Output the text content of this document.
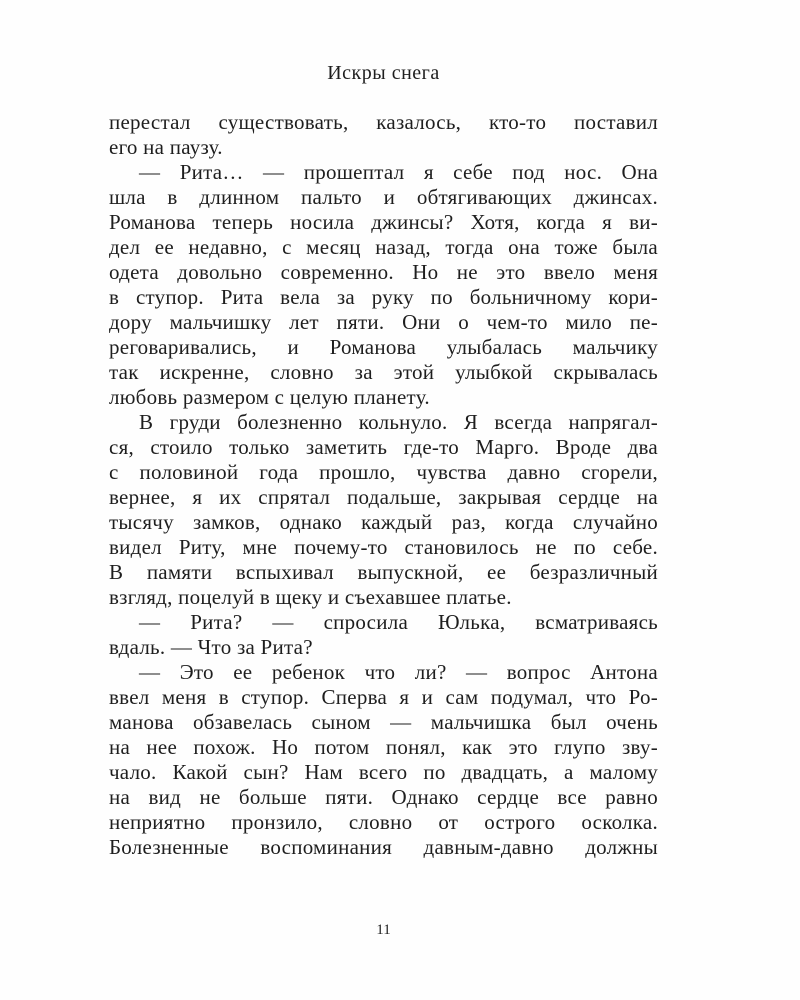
Искры снега
перестал существовать, казалось, кто-то поставил
его на паузу.
— Рита… — прошептал я себе под нос. Она
шла в длинном пальто и обтягивающих джинсах.
Романова теперь носила джинсы? Хотя, когда я ви-
дел ее недавно, с месяц назад, тогда она тоже была
одета довольно современно. Но не это ввело меня
в ступор. Рита вела за руку по больничному кори-
дору мальчишку лет пяти. Они о чем-то мило пе-
реговаривались, и Романова улыбалась мальчику
так искренне, словно за этой улыбкой скрывалась
любовь размером с целую планету.
В груди болезненно кольнуло. Я всегда напрягал-
ся, стоило только заметить где-то Марго. Вроде два
с половиной года прошло, чувства давно сгорели,
вернее, я их спрятал подальше, закрывая сердце на
тысячу замков, однако каждый раз, когда случайно
видел Риту, мне почему-то становилось не по себе.
В памяти вспыхивал выпускной, ее безразличный
взгляд, поцелуй в щеку и съехавшее платье.
— Рита? — спросила Юлька, всматриваясь
вдаль. — Что за Рита?
— Это ее ребенок что ли? — вопрос Антона
ввел меня в ступор. Сперва я и сам подумал, что Ро-
манова обзавелась сыном — мальчишка был очень
на нее похож. Но потом понял, как это глупо зву-
чало. Какой сын? Нам всего по двадцать, а малому
на вид не больше пяти. Однако сердце все равно
неприятно пронзило, словно от острого осколка.
Болезненные воспоминания давным-давно должны
11
